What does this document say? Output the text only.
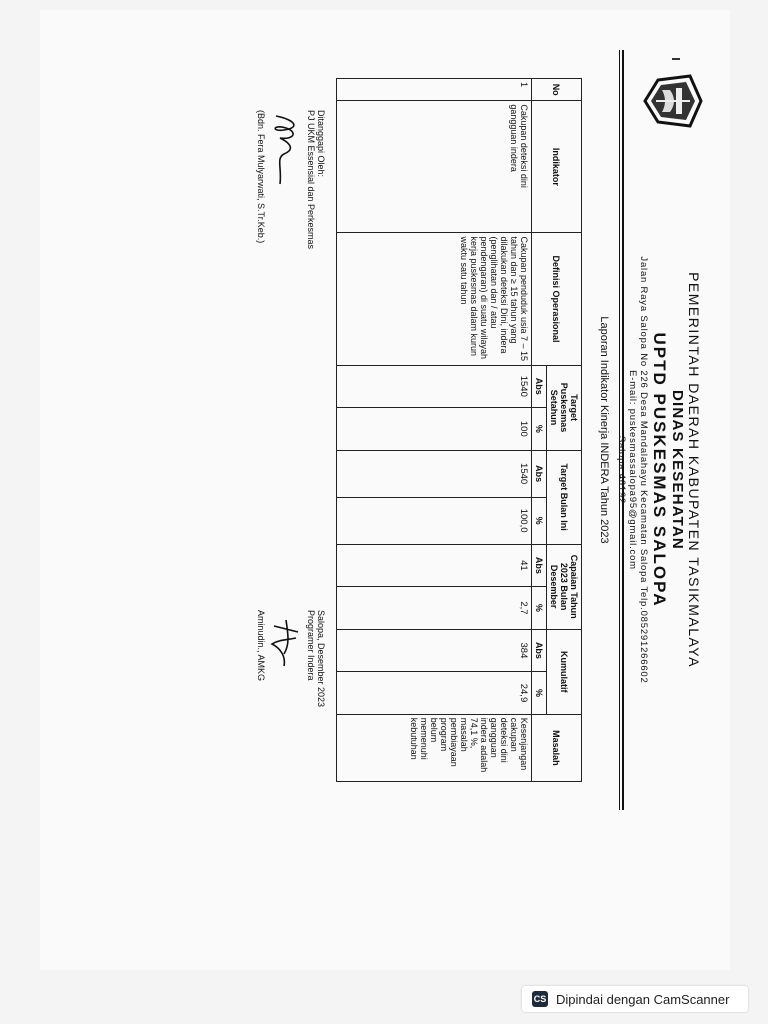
PEMERINTAH DAERAH KABUPATEN TASIKMALAYA
DINAS KESEHATAN
UPTD PUSKESMAS SALOPA
Jalan Raya Salopa No 226 Desa Mandalahayu Kecamatan Salopa Telp.085291266602
E-mail: puskesmassalopa95@gmail.com
Salopa 46192
Laporan Indikator Kinerja INDERA Tahun 2023
No	Indikator	Definisi Operasional	Target Puskesmas Setahun		Target Bulan Ini		Capaian Tahun 2023 Bulan Desember		Kumulatif		Masalah
			Abs	%	Abs	%	Abs	%	Abs	%	
1	Cakupan deteksi dini gangguan indera	Cakupan penduduk usia 7 – 15 tahun dan ≥ 15 tahun yang dilakukan deteksi Dini, indera (penglihatan dan / atau pendengaran) di suatu wilayah kerja puskesmas dalam kurun waktu satu tahun	1540	100	1540	100,0	41	2,7	384	24,9	Kesenjangan cakupan deteksi dini gangguan indera adalah 74,1 %, masalah pembiayaan program belum memenuhi kebutuhan
Ditanggapi Oleh:
PJ UKM Essensial dan Perkesmas
(Bdn. Fera Mulyarwati, S.Tr.Keb.)
Salopa, Desember 2023
Programer Indera
Aminudin., AMKG
CS Dipindai dengan CamScanner
